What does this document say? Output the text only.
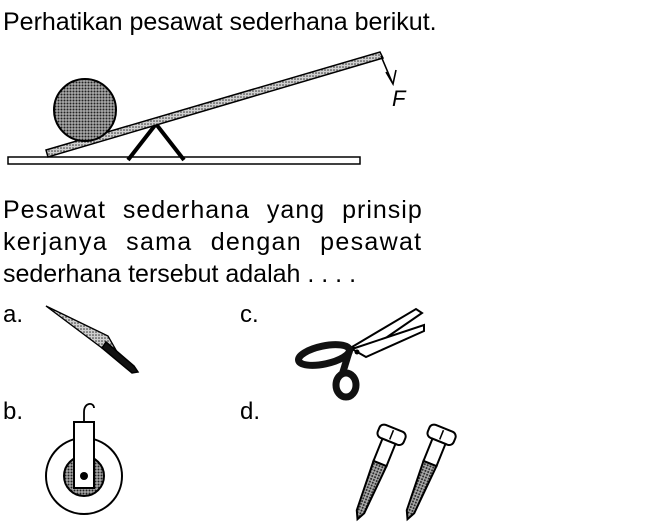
Perhatikan pesawat sederhana berikut.
F
Pesawat sederhana yang prinsip
kerjanya sama dengan pesawat
sederhana tersebut adalah . . . .
a.	c.
b.	d.
